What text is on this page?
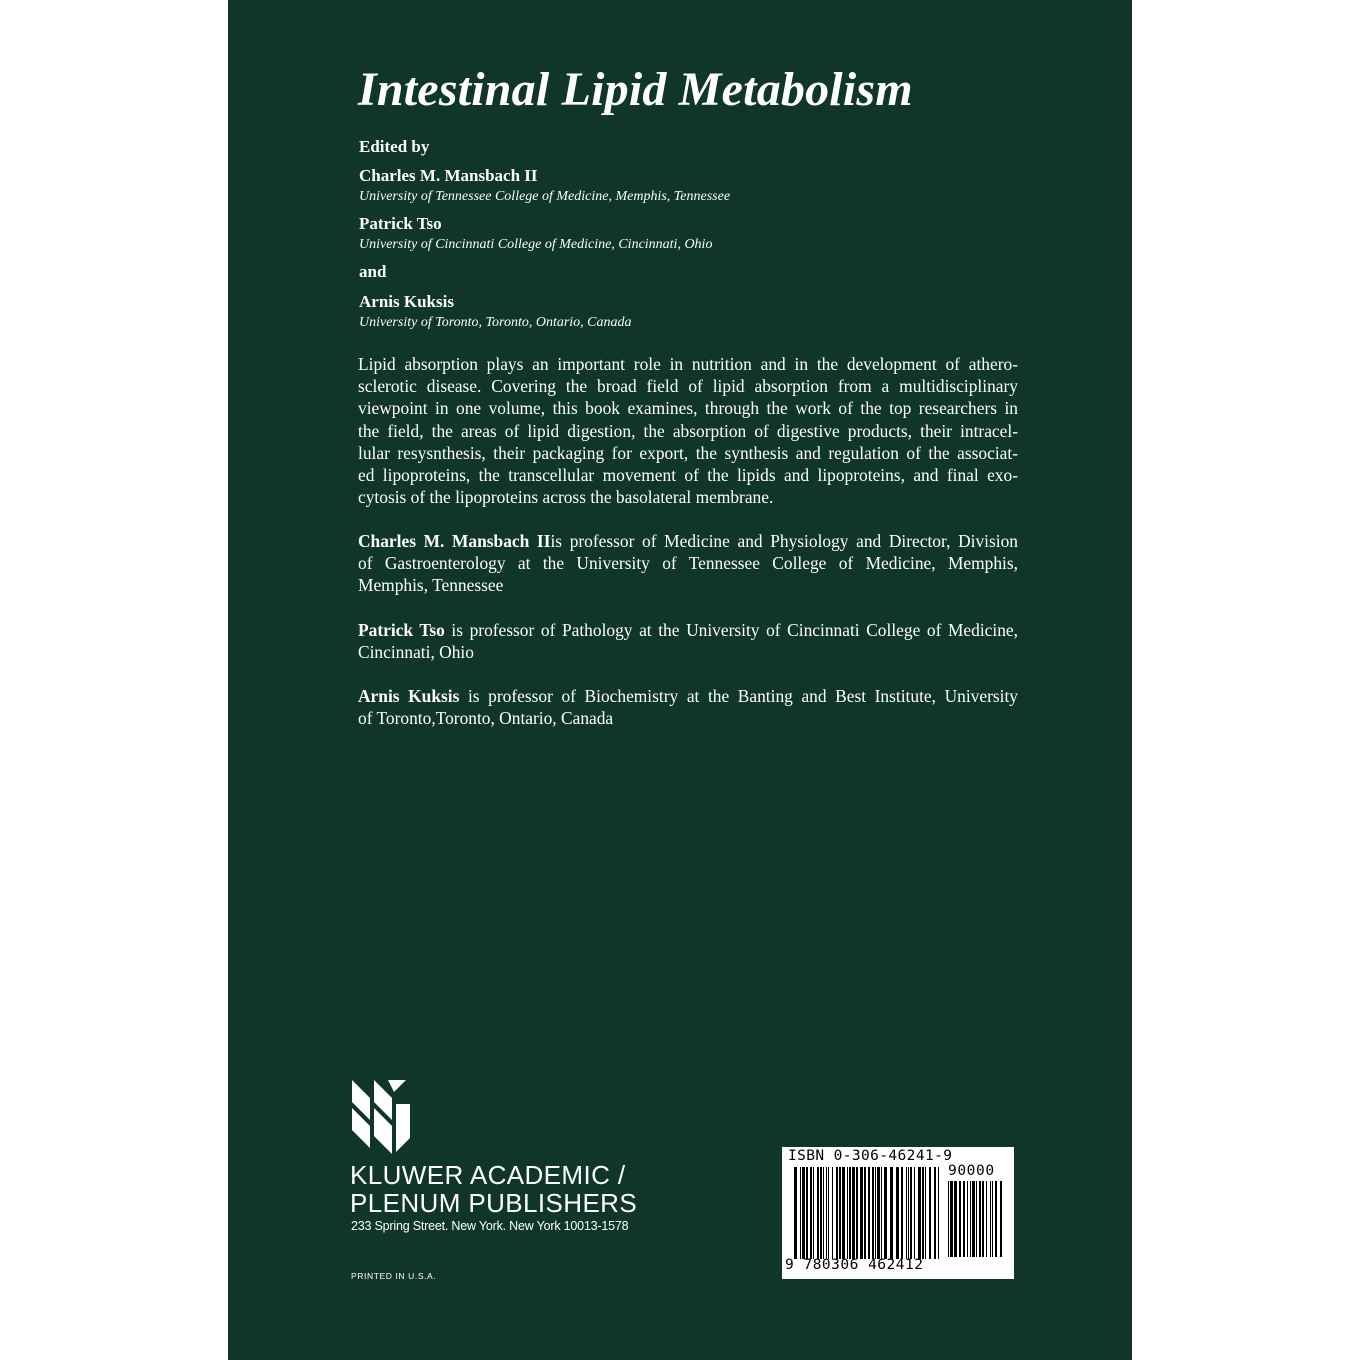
Intestinal Lipid Metabolism
Edited by
Charles M. Mansbach II
University of Tennessee College of Medicine, Memphis, Tennessee
Patrick Tso
University of Cincinnati College of Medicine, Cincinnati, Ohio
and
Arnis Kuksis
University of Toronto, Toronto, Ontario, Canada
Lipid absorption plays an important role in nutrition and in the development of athero-
sclerotic disease. Covering the broad field of lipid absorption from a multidisciplinary
viewpoint in one volume, this book examines, through the work of the top researchers in
the field, the areas of lipid digestion, the absorption of digestive products, their intracel-
lular resysnthesis, their packaging for export, the synthesis and regulation of the associat-
ed lipoproteins, the transcellular movement of the lipids and lipoproteins, and final exo-
cytosis of the lipoproteins across the basolateral membrane.
Charles M. Mansbach IIis professor of Medicine and Physiology and Director, Division
of Gastroenterology at the University of Tennessee College of Medicine, Memphis,
Memphis, Tennessee
Patrick Tso is professor of Pathology at the University of Cincinnati College of Medicine,
Cincinnati, Ohio
Arnis Kuksis is professor of Biochemistry at the Banting and Best Institute, University
of Toronto,Toronto, Ontario, Canada
KLUWER ACADEMIC /
PLENUM PUBLISHERS
233 Spring Street. New York. New York 10013-1578
PRINTED IN U.S.A.
ISBN 0-306-46241-9
90000
9 780306 462412
